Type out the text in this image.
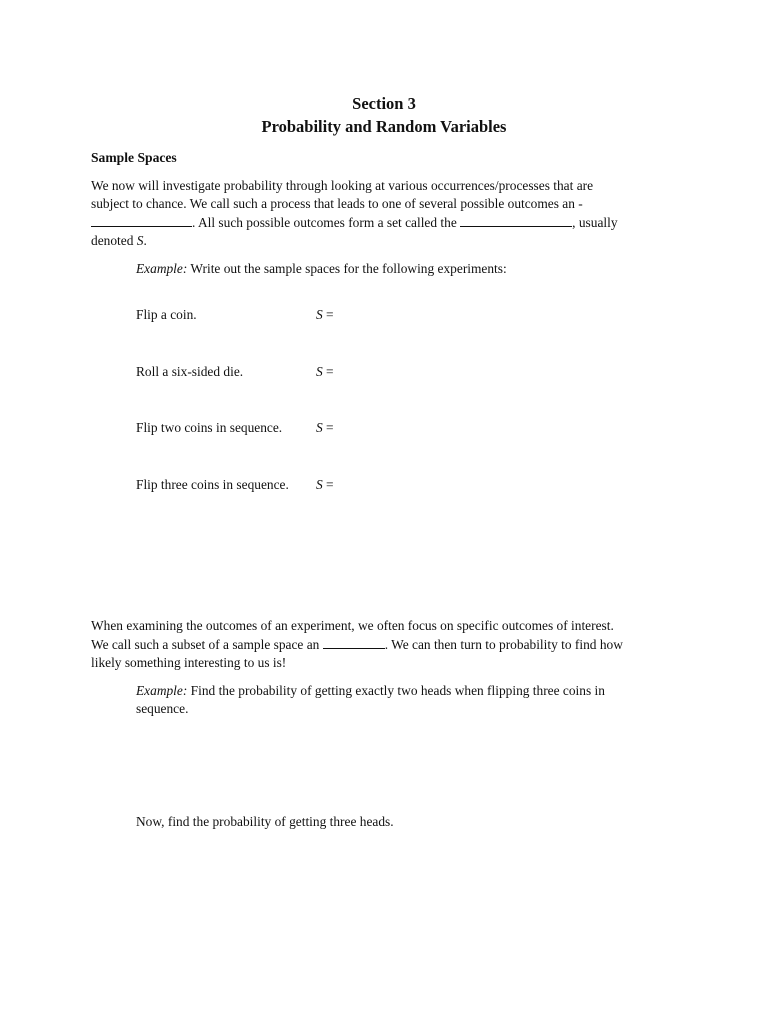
Section 3
Probability and Random Variables
Sample Spaces
We now will investigate probability through looking at various occurrences/processes that are
subject to chance. We call such a process that leads to one of several possible outcomes an -
. All such possible outcomes form a set called the	, usually
denoted S.
Example: Write out the sample spaces for the following experiments:
Flip a coin.	S =
Roll a six-sided die.	S =
Flip two coins in sequence.	S =
Flip three coins in sequence. S =
When examining the outcomes of an experiment, we often focus on specific outcomes of interest.
We call such a subset of a sample space an	. We can then turn to probability to find how
likely something interesting to us is!
Example: Find the probability of getting exactly two heads when flipping three coins in
sequence.
Now, find the probability of getting three heads.
